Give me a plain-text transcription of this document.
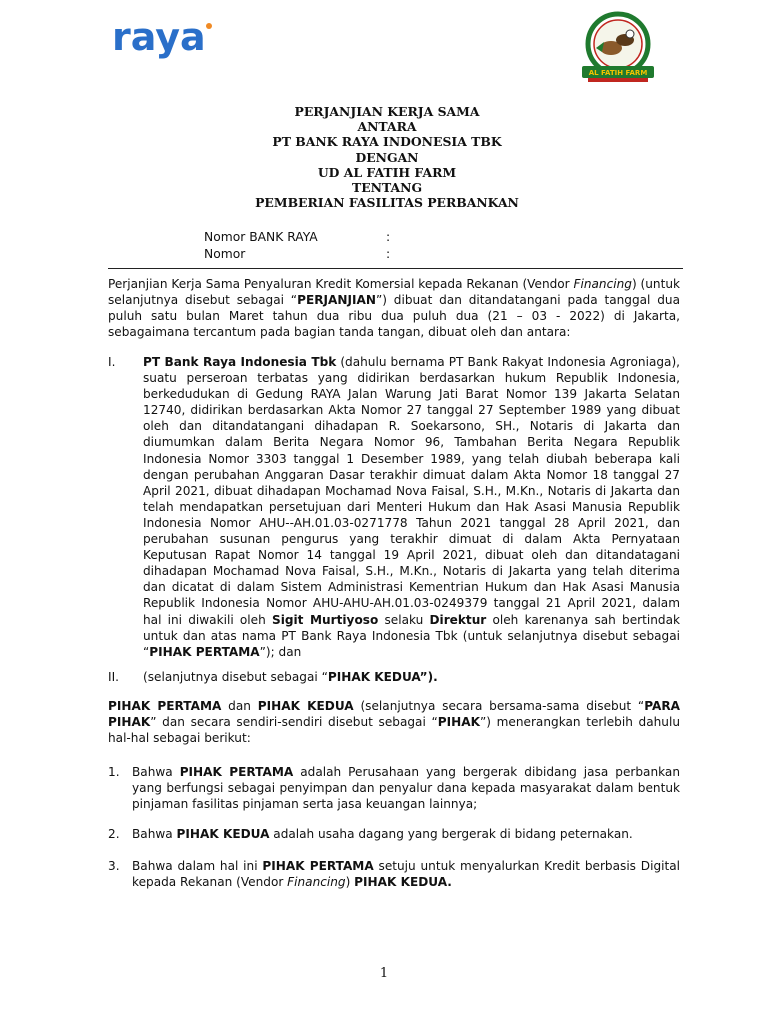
raya
AL FATIH FARM
PERJANJIAN KERJA SAMA
ANTARA
PT BANK RAYA INDONESIA TBK
DENGAN
UD AL FATIH FARM
TENTANG
PEMBERIAN FASILITAS PERBANKAN
Nomor BANK RAYA	:
Nomor	:
Perjanjian Kerja Sama Penyaluran Kredit Komersial kepada Rekanan (Vendor Financing) (untuk selanjutnya disebut sebagai “PERJANJIAN”) dibuat dan ditandatangani pada tanggal dua puluh satu bulan Maret tahun dua ribu dua puluh dua (21 – 03 - 2022) di Jakarta, sebagaimana tercantum pada bagian tanda tangan, dibuat oleh dan antara:
I.	PT Bank Raya Indonesia Tbk (dahulu bernama PT Bank Rakyat Indonesia Agroniaga), suatu perseroan terbatas yang didirikan berdasarkan hukum Republik Indonesia, berkedudukan di Gedung RAYA Jalan Warung Jati Barat Nomor 139 Jakarta Selatan 12740, didirikan berdasarkan Akta Nomor 27 tanggal 27 September 1989 yang dibuat oleh dan ditandatangani dihadapan R. Soekarsono, SH., Notaris di Jakarta dan diumumkan dalam Berita Negara Nomor 96, Tambahan Berita Negara Republik Indonesia Nomor 3303 tanggal 1 Desember 1989, yang telah diubah beberapa kali dengan perubahan Anggaran Dasar terakhir dimuat dalam Akta Nomor 18 tanggal 27 April 2021, dibuat dihadapan Mochamad Nova Faisal, S.H., M.Kn., Notaris di Jakarta dan telah mendapatkan persetujuan dari Menteri Hukum dan Hak Asasi Manusia Republik Indonesia Nomor AHU--AH.01.03-0271778 Tahun 2021 tanggal 28 April 2021, dan perubahan susunan pengurus yang terakhir dimuat di dalam Akta Pernyataan Keputusan Rapat Nomor 14 tanggal 19 April 2021, dibuat oleh dan ditandatagani dihadapan Mochamad Nova Faisal, S.H., M.Kn., Notaris di Jakarta yang telah diterima dan dicatat di dalam Sistem Administrasi Kementrian Hukum dan Hak Asasi Manusia Republik Indonesia Nomor AHU-AHU-AH.01.03-0249379 tanggal 21 April 2021, dalam hal ini diwakili oleh Sigit Murtiyoso selaku Direktur oleh karenanya sah bertindak untuk dan atas nama PT Bank Raya Indonesia Tbk (untuk selanjutnya disebut sebagai “PIHAK PERTAMA”); dan
II.	(selanjutnya disebut sebagai “PIHAK KEDUA”).
PIHAK PERTAMA dan PIHAK KEDUA (selanjutnya secara bersama-sama disebut “PARA PIHAK” dan secara sendiri-sendiri disebut sebagai “PIHAK”) menerangkan terlebih dahulu hal-hal sebagai berikut:
1.	Bahwa PIHAK PERTAMA adalah Perusahaan yang bergerak dibidang jasa perbankan yang berfungsi sebagai penyimpan dan penyalur dana kepada masyarakat dalam bentuk pinjaman fasilitas pinjaman serta jasa keuangan lainnya;
2.	Bahwa PIHAK KEDUA adalah usaha dagang yang bergerak di bidang peternakan.
3.	Bahwa dalam hal ini PIHAK PERTAMA setuju untuk menyalurkan Kredit berbasis Digital kepada Rekanan (Vendor Financing) PIHAK KEDUA.
1
